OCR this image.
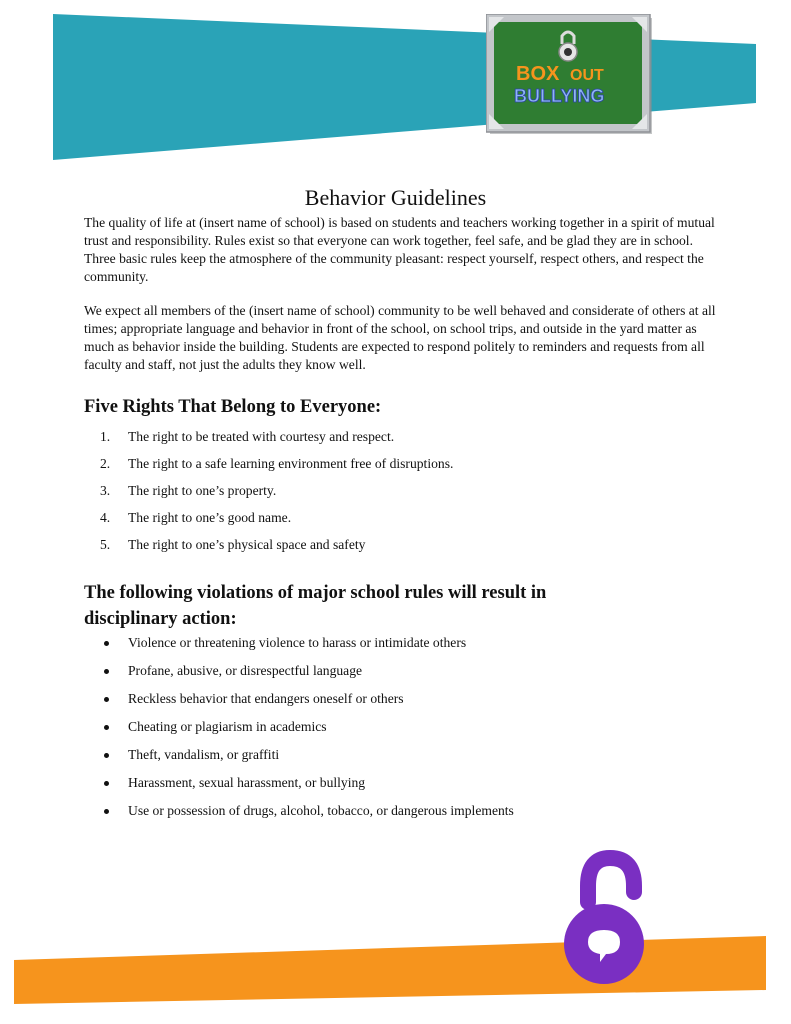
BOX OUT
BULLYING
Behavior Guidelines

The quality of life at (insert name of school) is based on students and teachers working together in a spirit of mutual trust and responsibility. Rules exist so that everyone can work together, feel safe, and be glad they are in school. Three basic rules keep the atmosphere of the community pleasant: respect yourself, respect others, and respect the community.

We expect all members of the (insert name of school) community to be well behaved and considerate of others at all times; appropriate language and behavior in front of the school, on school trips, and outside in the yard matter as much as behavior inside the building. Students are expected to respond politely to reminders and requests from all faculty and staff, not just the adults they know well.

Five Rights That Belong to Everyone:
1.	The right to be treated with courtesy and respect.
2.	The right to a safe learning environment free of disruptions.
3.	The right to one’s property.
4.	The right to one’s good name.
5.	The right to one’s physical space and safety
The following violations of major school rules will result in disciplinary action:
Violence or threatening violence to harass or intimidate others
Profane, abusive, or disrespectful language
Reckless behavior that endangers oneself or others
Cheating or plagiarism in academics
Theft, vandalism, or graffiti
Harassment, sexual harassment, or bullying
Use or possession of drugs, alcohol, tobacco, or dangerous implements
